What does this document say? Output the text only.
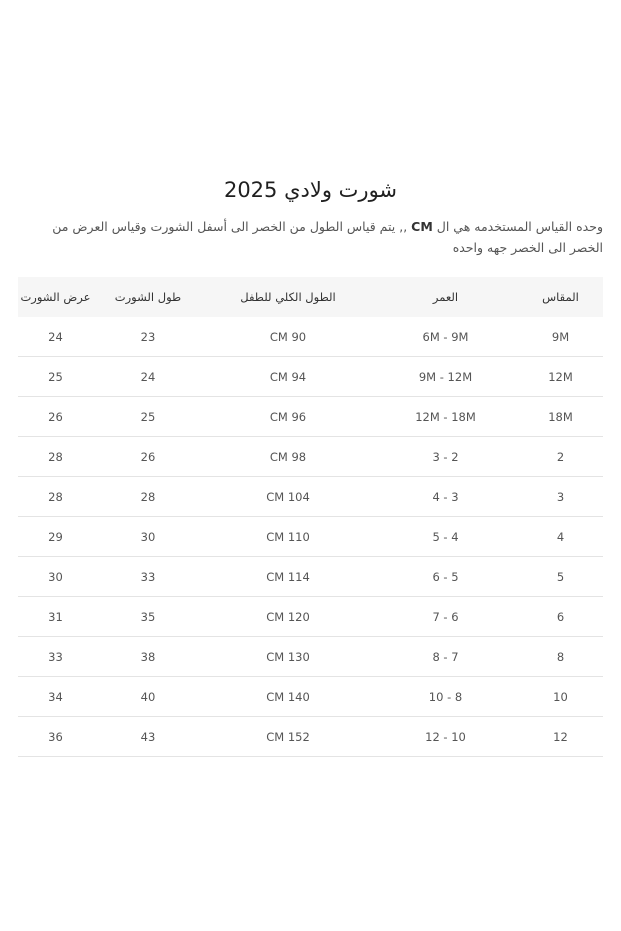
شورت ولادي 2025

وحده القياس المستخدمه هي ال CM ,, يتم قياس الطول من الخصر الى أسفل الشورت وقياس العرض من الخصر الى الخصر جهه واحده

المقاس	العمر	الطول الكلي للطفل	طول الشورت	عرض الشورت
9M	6M - 9M	CM 90	23	24
12M	9M - 12M	CM 94	24	25
18M	12M - 18M	CM 96	25	26
2	3 - 2	CM 98	26	28
3	4 - 3	CM 104	28	28
4	5 - 4	CM 110	30	29
5	6 - 5	CM 114	33	30
6	7 - 6	CM 120	35	31
8	8 - 7	CM 130	38	33
10	10 - 8	CM 140	40	34
12	12 - 10	CM 152	43	36
